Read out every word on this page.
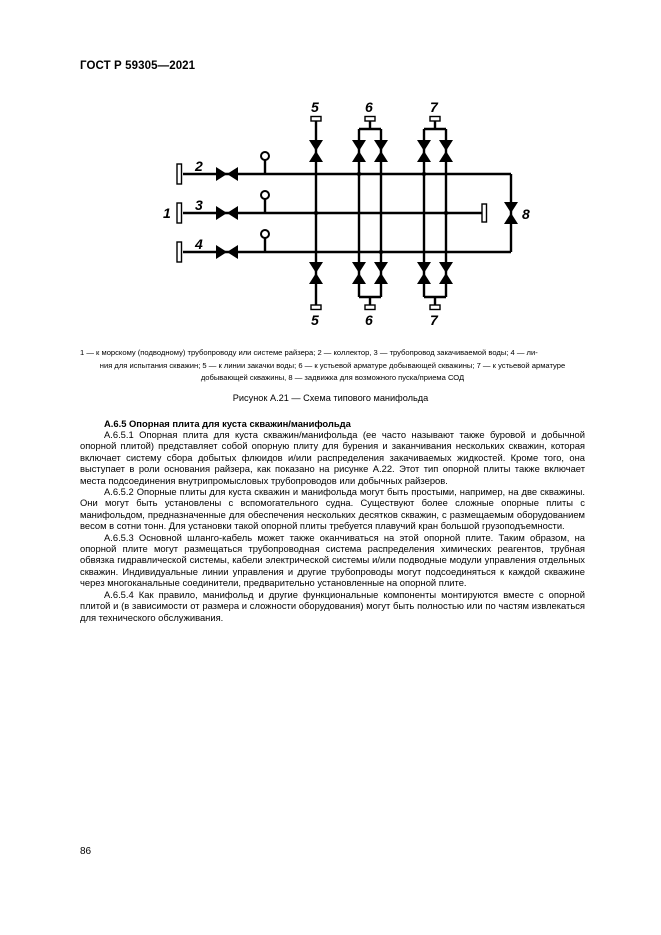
ГОСТ Р 59305—2021
1
2
3
4
5	6	7
5	6	7
8
1 — к морскому (подводному) трубопроводу или системе райзера; 2 — коллектор, 3 — трубопровод закачиваемой воды; 4 — ли-
ния для испытания скважин; 5 — к линии закачки воды; 6 — к устьевой арматуре добывающей скважины; 7 — к устьевой арматуре
добывающей скважины, 8 — задвижка для возможного пуска/приема СОД
Рисунок А.21 — Схема типового манифольда
А.6.5 Опорная плита для куста скважин/манифольда

А.6.5.1 Опорная плита для куста скважин/манифольда (ее часто называют также буровой и добычной опорной плитой) представляет собой опорную плиту для бурения и заканчивания нескольких скважин, которая включает систему сбора добытых флюидов и/или распределения закачиваемых жидкостей. Кроме того, она выступает в роли основания райзера, как показано на рисунке А.22. Этот тип опорной плиты также включает места подсоединения внутрипромысловых трубопроводов или добычных райзеров.

А.6.5.2 Опорные плиты для куста скважин и манифольда могут быть простыми, например, на две скважины. Они могут быть установлены с вспомогательного судна. Существуют более сложные опорные плиты с манифольдом, предназначенные для обеспечения нескольких десятков скважин, с размещаемым оборудованием весом в сотни тонн. Для установки такой опорной плиты требуется плавучий кран большой грузоподъемности.

А.6.5.3 Основной шланго-кабель может также оканчиваться на этой опорной плите. Таким образом, на опорной плите могут размещаться трубопроводная система распределения химических реагентов, трубная обвязка гидравлической системы, кабели электрической системы и/или подводные модули управления отдельных скважин. Индивидуальные линии управления и другие трубопроводы могут подсоединяться к каждой скважине через многоканальные соединители, предварительно установленные на опорной плите.

А.6.5.4 Как правило, манифольд и другие функциональные компоненты монтируются вместе с опорной плитой и (в зависимости от размера и сложности оборудования) могут быть полностью или по частям извлекаться для технического обслуживания.

86
